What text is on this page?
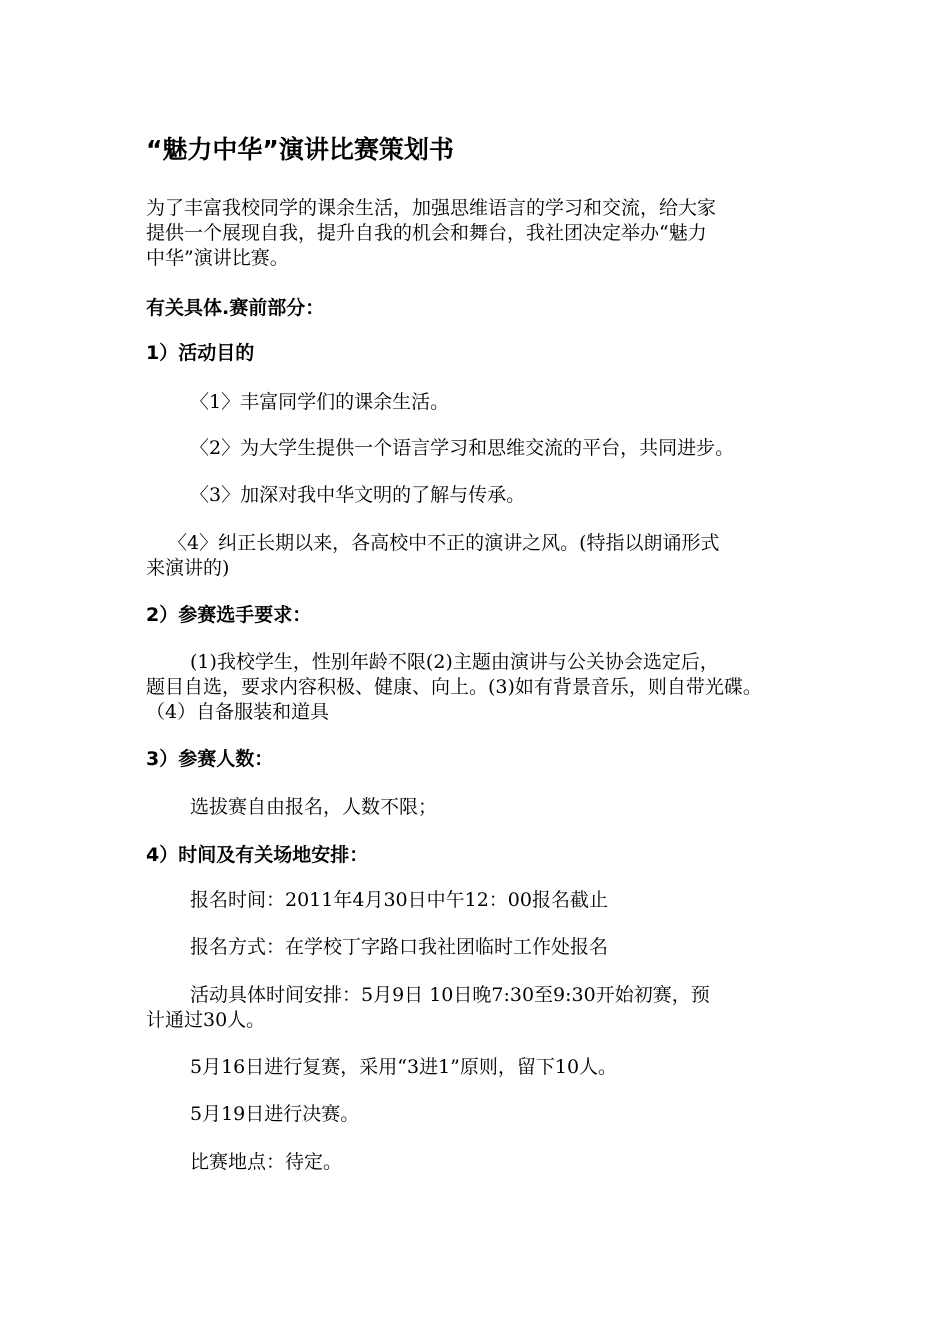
“魅力中华”演讲比赛策划书
为了丰富我校同学的课余生活，加强思维语言的学习和交流，给大家
提供一个展现自我，提升自我的机会和舞台，我社团决定举办“魅力
中华”演讲比赛。
有关具体.赛前部分：
1）活动目的
〈1〉丰富同学们的课余生活。
〈2〉为大学生提供一个语言学习和思维交流的平台，共同进步。
〈3〉加深对我中华文明的了解与传承。
〈4〉纠正长期以来，各高校中不正的演讲之风。(特指以朗诵形式
来演讲的)
2）参赛选手要求：
(1)我校学生，性别年龄不限(2)主题由演讲与公关协会选定后，
题目自选，要求内容积极、健康、向上。(3)如有背景音乐，则自带光碟。
（4）自备服装和道具
3）参赛人数：
选拔赛自由报名，人数不限；
4）时间及有关场地安排：
报名时间：2011年4月30日中午12：00报名截止
报名方式：在学校丁字路口我社团临时工作处报名
活动具体时间安排：5月9日 10日晚7:30至9:30开始初赛，预
计通过30人。
5月16日进行复赛，采用“3进1”原则，留下10人。
5月19日进行决赛。
比赛地点：待定。
